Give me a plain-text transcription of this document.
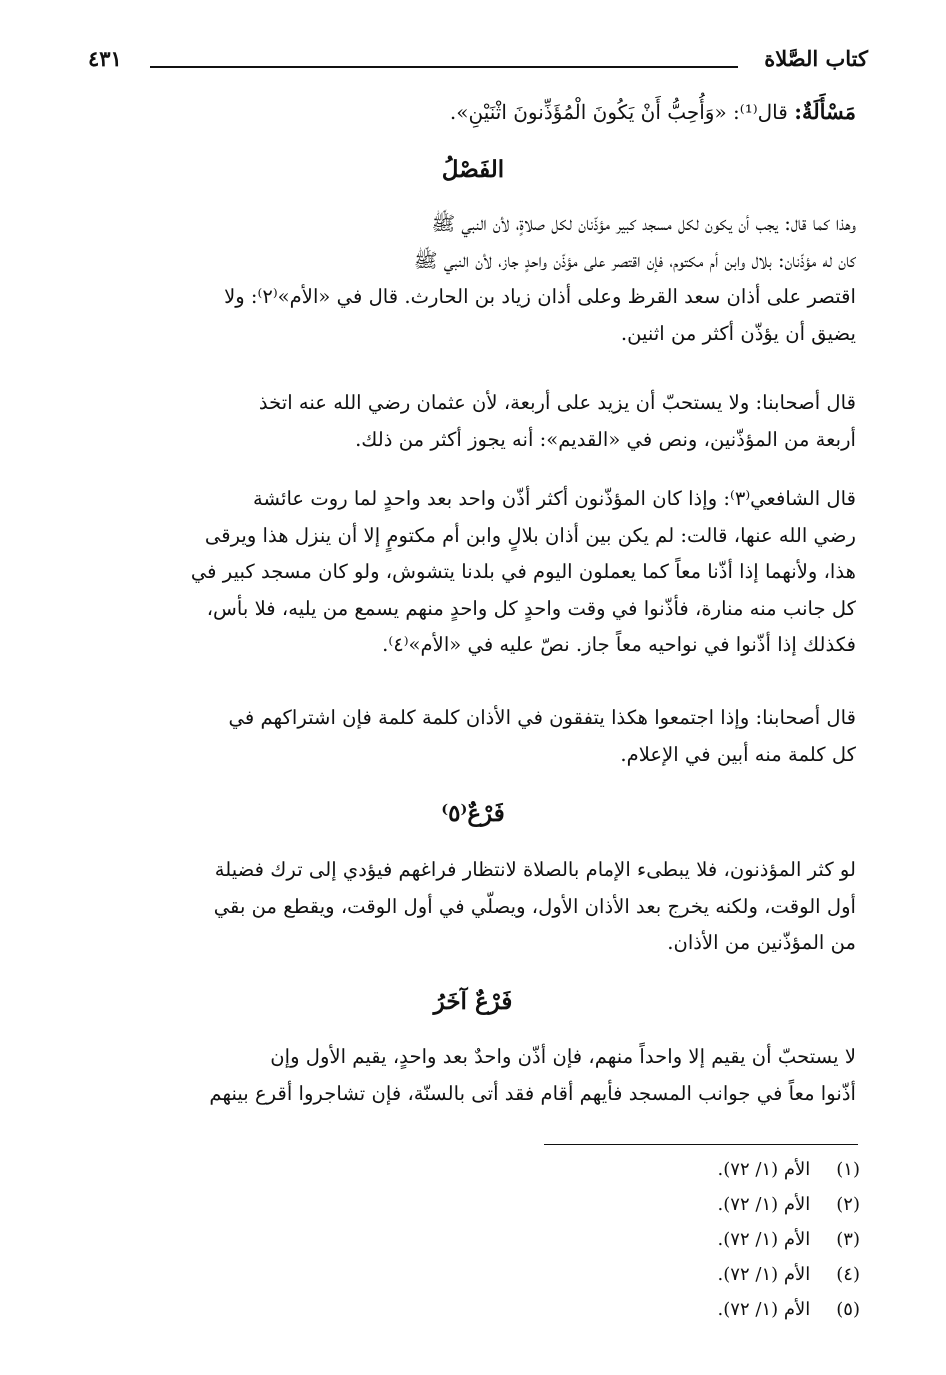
كتاب الصَّلاة
٤٣١
مَسْأَلَةٌ: قال⁽¹⁾: «وَأُحِبُّ أَنْ يَكُونَ الْمُؤَذِّنونَ اثْنَيْنِ».
الفَصْلُ
وهذا كما قال: يجب أن يكون لكل مسجد كبير مؤذّنان لكل صلاةٍ، لأن النبي ﷺ
كان له مؤذّنان: بلال وابن أم مكتوم، فإن اقتصر على مؤذّن واحدٍ جاز، لأن النبي ﷺ
اقتصر على أذان سعد القرظ وعلى أذان زياد بن الحارث. قال في «الأم»⁽٢⁾: ولا
يضيق أن يؤذّن أكثر من اثنين.
قال أصحابنا: ولا يستحبّ أن يزيد على أربعة، لأن عثمان رضي الله عنه اتخذ
أربعة من المؤذّنين، ونص في «القديم»: أنه يجوز أكثر من ذلك.
قال الشافعي⁽٣⁾: وإذا كان المؤذّنون أكثر أذّن واحد بعد واحدٍ لما روت عائشة
رضي الله عنها، قالت: لم يكن بين أذان بلالٍ وابن أم مكتومٍ إلا أن ينزل هذا ويرقى
هذا، ولأنهما إذا أذّنا معاً كما يعملون اليوم في بلدنا يتشوش، ولو كان مسجد كبير في
كل جانب منه منارة، فأذّنوا في وقت واحدٍ كل واحدٍ منهم يسمع من يليه، فلا بأس،
فكذلك إذا أذّنوا في نواحيه معاً جاز. نصّ عليه في «الأم»⁽٤⁾.
قال أصحابنا: وإذا اجتمعوا هكذا يتفقون في الأذان كلمة كلمة فإن اشتراكهم في
كل كلمة منه أبين في الإعلام.
فَرْعٌ⁽٥⁾
لو كثر المؤذنون، فلا يبطىء الإمام بالصلاة لانتظار فراغهم فيؤدي إلى ترك فضيلة
أول الوقت، ولكنه يخرج بعد الأذان الأول، ويصلّي في أول الوقت، ويقطع من بقي
من المؤذّنين من الأذان.
فَرْعٌ آخَرُ
لا يستحبّ أن يقيم إلا واحداً منهم، فإن أذّن واحدٌ بعد واحدٍ، يقيم الأول وإن
أذّنوا معاً في جوانب المسجد فأيهم أقام فقد أتى بالسنّة، فإن تشاجروا أقرع بينهم
(١) الأم (١/ ٧٢).
(٢) الأم (١/ ٧٢).
(٣) الأم (١/ ٧٢).
(٤) الأم (١/ ٧٢).
(٥) الأم (١/ ٧٢).
